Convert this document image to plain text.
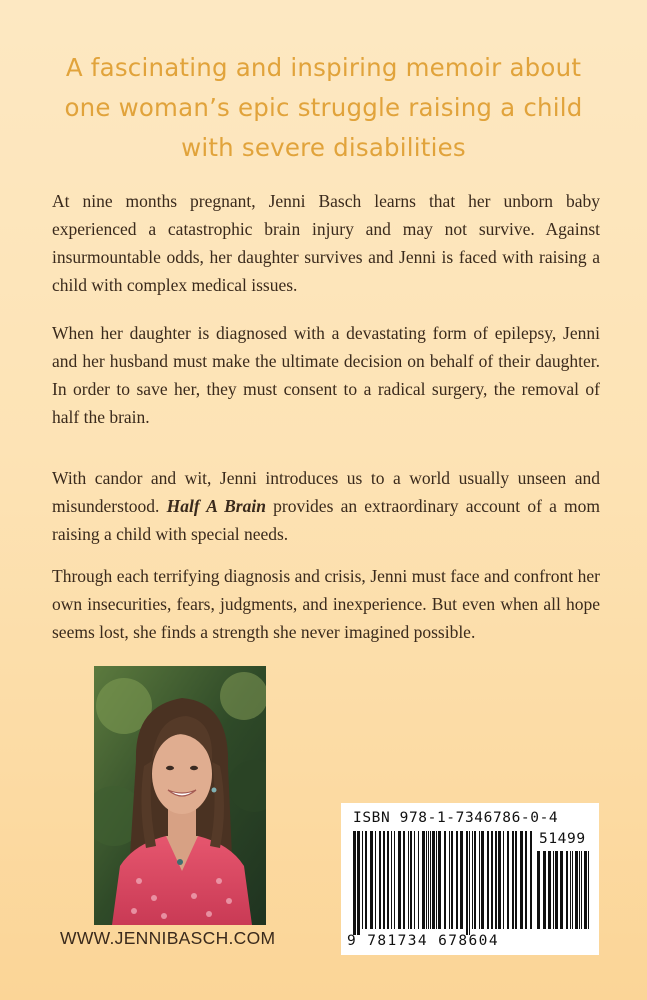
A fascinating and inspiring memoir about
one woman’s epic struggle raising a child
with severe disabilities

At nine months pregnant, Jenni Basch learns that her unborn baby experienced a catastrophic brain injury and may not survive. Against insurmountable odds, her daughter survives and Jenni is faced with raising a child with complex medical issues.

When her daughter is diagnosed with a devastating form of epilepsy, Jenni and her husband must make the ultimate decision on behalf of their daughter. In order to save her, they must consent to a radical surgery, the removal of half the brain.

With candor and wit, Jenni introduces us to a world usually unseen and misunderstood. Half A Brain provides an extraordinary account of a mom raising a child with special needs.

Through each terrifying diagnosis and crisis, Jenni must face and confront her own insecurities, fears, judgments, and inexperience. But even when all hope seems lost, she finds a strength she never imagined possible.

WWW.JENNIBASCH.COM
ISBN 978-1-7346786-0-4
51499
9 781734 678604
